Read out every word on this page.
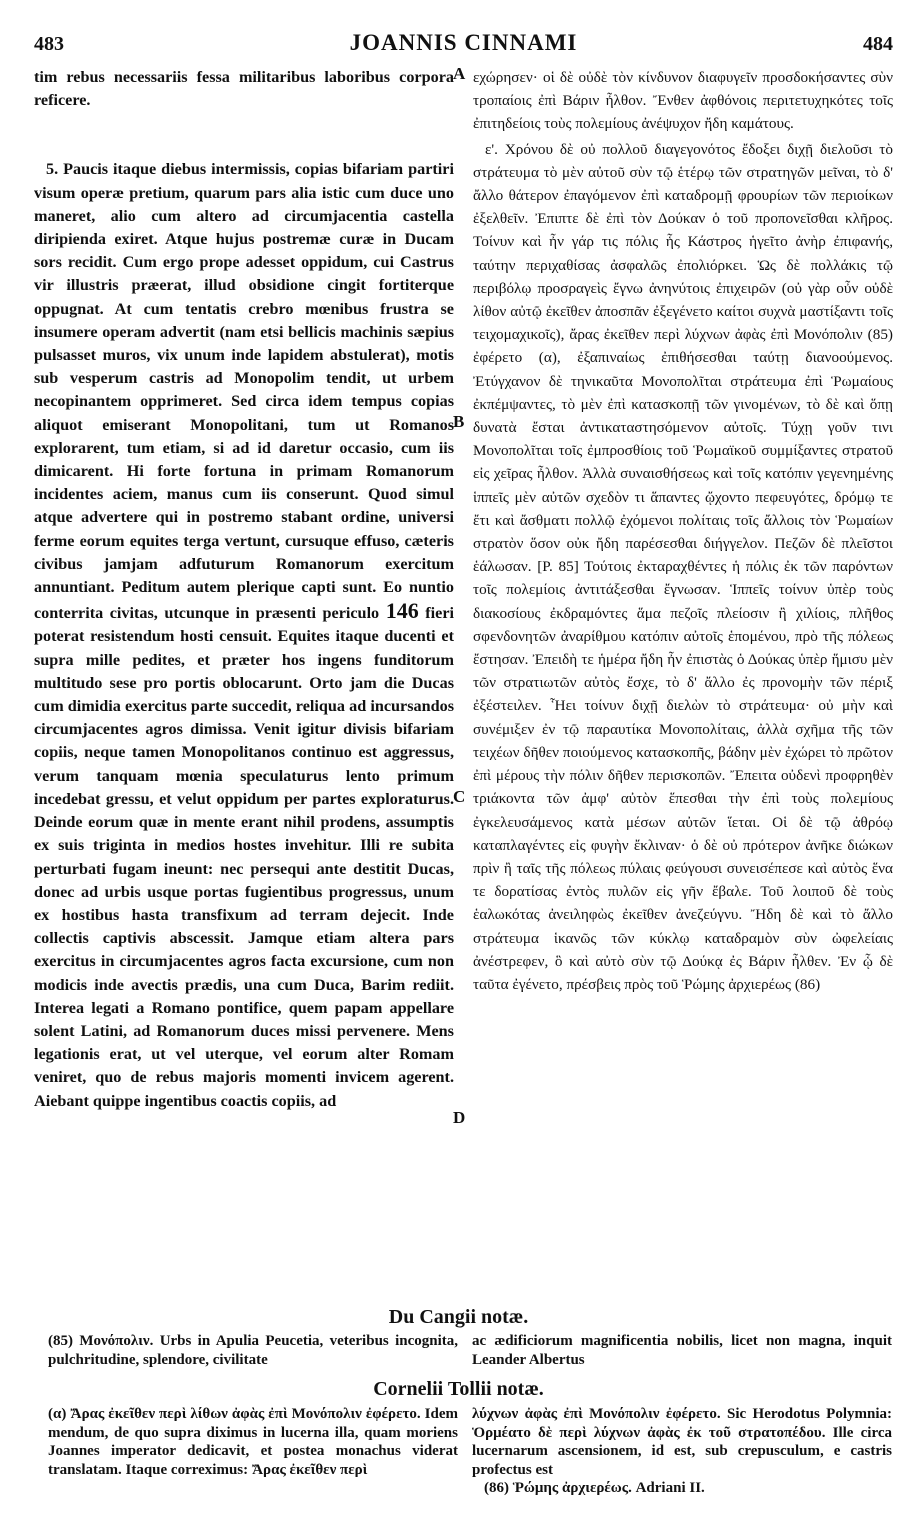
483	JOANNIS CINNAMI	484

tim rebus necessariis fessa militaribus laboribus corpora reficere.

5. Paucis itaque diebus intermissis, copias bifariam partiri visum operæ pretium, quarum pars alia istic cum duce uno maneret, alio cum altero ad circumjacentia castella diripienda exiret. Atque hujus postremæ curæ in Ducam sors recidit. Cum ergo prope adesset oppidum, cui Castrus vir illustris præerat, illud obsidione cingit fortiterque oppugnat. At cum tentatis crebro mœnibus frustra se insumere operam advertit (nam etsi bellicis machinis sæpius pulsasset muros, vix unum inde lapidem abstulerat), motis sub vesperum castris ad Monopolim tendit, ut urbem necopinantem opprimeret. Sed circa idem tempus copias aliquot emiserant Monopolitani, tum ut Romanos explorarent, tum etiam, si ad id daretur occasio, cum iis dimicarent. Hi forte fortuna in primam Romanorum incidentes aciem, manus cum iis conserunt. Quod simul atque advertere qui in postremo stabant ordine, universi ferme eorum equites terga vertunt, cursuque effuso, cæteris civibus jamjam adfuturum Romanorum exercitum annuntiant. Peditum autem plerique capti sunt. Eo nuntio conterrita civitas, utcunque in præsenti periculo 146 fieri poterat resistendum hosti censuit. Equites itaque ducenti et supra mille pedites, et præter hos ingens funditorum multitudo sese pro portis oblocarunt. Orto jam die Ducas cum dimidia exercitus parte succedit, reliqua ad incursandos circumjacentes agros dimissa. Venit igitur divisis bifariam copiis, neque tamen Monopolitanos continuo est aggressus, verum tanquam mœnia speculaturus lento primum incedebat gressu, et velut oppidum per partes exploraturus. Deinde eorum quæ in mente erant nihil prodens, assumptis ex suis triginta in medios hostes invehitur. Illi re subita perturbati fugam ineunt: nec persequi ante destitit Ducas, donec ad urbis usque portas fugientibus progressus, unum ex hostibus hasta transfixum ad terram dejecit. Inde collectis captivis abscessit. Jamque etiam altera pars exercitus in circumjacentes agros facta excursione, cum non modicis inde avectis prædis, una cum Duca, Barim rediit. Interea legati a Romano pontifice, quem papam appellare solent Latini, ad Romanorum duces missi pervenere. Mens legationis erat, ut vel uterque, vel eorum alter Romam veniret, quo de rebus majoris momenti invicem agerent. Aiebant quippe ingentibus coactis copiis, ad

A
B
C
D

εχώρησεν· οἱ δὲ οὐδὲ τὸν κίνδυνον διαφυγεῖν προσδοκήσαντες σὺν τροπαίοις ἐπὶ Βάριν ἦλθον. Ἔνθεν ἀφθόνοις περιτετυχηκότες τοῖς ἐπιτηδείοις τοὺς πολεμίους ἀνέψυχον ἤδη καμάτους.

ε'. Χρόνου δὲ οὐ πολλοῦ διαγεγονότος ἔδοξει διχῇ διελοῦσι τὸ στράτευμα τὸ μὲν αὐτοῦ σὺν τῷ ἑτέρῳ τῶν στρατηγῶν μεῖναι, τὸ δ' ἄλλο θάτερον ἐπαγόμενον ἐπὶ καταδρομῇ φρουρίων τῶν περιοίκων ἐξελθεῖν. Ἐπιπτε δὲ ἐπὶ τὸν Δούκαν ὁ τοῦ προπονεῖσθαι κλῆρος. Τοίνυν καὶ ἦν γάρ τις πόλις ἧς Κάστρος ἡγεῖτο ἀνὴρ ἐπιφανής, ταύτην περιχαθίσας ἀσφαλῶς ἐπολιόρκει. Ὡς δὲ πολλάκις τῷ περιβόλῳ προσραγεὶς ἔγνω ἀνηνύτοις ἐπιχειρῶν (οὐ γὰρ οὖν οὐδὲ λίθον αὐτῷ ἐκεῖθεν ἀποσπᾶν ἐξεγένετο καίτοι συχνὰ μαστίξαντι τοῖς τειχομαχικοῖς), ἄρας ἐκεῖθεν περὶ λύχνων ἀφὰς ἐπὶ Μονόπολιν (85) ἐφέρετο (α), ἐξαπιναίως ἐπιθήσεσθαι ταύτῃ διανοούμενος. Ἐτύγχανον δὲ τηνικαῦτα Μονοπολῖται στράτευμα ἐπὶ Ῥωμαίους ἐκπέμψαντες, τὸ μὲν ἐπὶ κατασκοπῇ τῶν γινομένων, τὸ δὲ καὶ ὅπῃ δυνατὰ ἔσται ἀντικαταστησόμενον αὐτοῖς. Τύχῃ γοῦν τινι Μονοπολῖται τοῖς ἐμπροσθίοις τοῦ Ῥωμαϊκοῦ συμμίξαντες στρατοῦ εἰς χεῖρας ἦλθον. Ἀλλὰ συναισθήσεως καὶ τοῖς κατόπιν γεγενημένης ἱππεῖς μὲν αὐτῶν σχεδὸν τι ἅπαντες ᾤχοντο πεφευγότες, δρόμῳ τε ἔτι καὶ ἄσθματι πολλῷ ἐχόμενοι πολίταις τοῖς ἄλλοις τὸν Ῥωμαίων στρατὸν ὅσον οὐκ ἤδη παρέσεσθαι διήγγελον. Πεζῶν δὲ πλεῖστοι ἑάλωσαν. [P. 85] Τούτοις ἐκταραχθέντες ἡ πόλις ἐκ τῶν παρόντων τοῖς πολεμίοις ἀντιτάξεσθαι ἔγνωσαν. Ἱππεῖς τοίνυν ὑπὲρ τοὺς διακοσίους ἐκδραμόντες ἅμα πεζοῖς πλείοσιν ἢ χιλίοις, πλῆθος σφενδονητῶν ἀναρίθμου κατόπιν αὐτοῖς ἑπομένου, πρὸ τῆς πόλεως ἔστησαν. Ἐπειδὴ τε ἡμέρα ἤδη ἦν ἐπιστὰς ὁ Δούκας ὑπὲρ ἥμισυ μὲν τῶν στρατιωτῶν αὐτὸς ἔσχε, τὸ δ' ἄλλο ἐς προνομὴν τῶν πέριξ ἐξέστειλεν. Ἧει τοίνυν διχῇ διελὼν τὸ στράτευμα· οὐ μὴν καὶ συνέμιξεν ἐν τῷ παραυτίκα Μονοπολίταις, ἀλλὰ σχῆμα τῆς τῶν τειχέων δῆθεν ποιούμενος κατασκοπῆς, βάδην μὲν ἐχώρει τὸ πρῶτον ἐπὶ μέρους τὴν πόλιν δῆθεν περισκοπῶν. Ἔπειτα οὐδενὶ προφρηθὲν τριάκοντα τῶν ἀμφ' αὐτὸν ἕπεσθαι τὴν ἐπὶ τοὺς πολεμίους ἐγκελευσάμενος κατὰ μέσων αὐτῶν ἵεται. Οἱ δὲ τῷ ἀθρόῳ καταπλαγέντες εἰς φυγὴν ἔκλιναν· ὁ δὲ οὐ πρότερον ἀνῆκε διώκων πρὶν ἢ ταῖς τῆς πόλεως πύλαις φεύγουσι συνεισέπεσε καὶ αὐτὸς ἕνα τε δορατίσας ἐντὸς πυλῶν εἰς γῆν ἔβαλε. Τοῦ λοιποῦ δὲ τοὺς ἑαλωκότας ἀνειληφὼς ἐκεῖθεν ἀνεζεύγνυ. Ἤδη δὲ καὶ τὸ ἄλλο στράτευμα ἱκανῶς τῶν κύκλῳ καταδραμὸν σὺν ὠφελείαις ἀνέστρεφεν, ὃ καὶ αὐτὸ σὺν τῷ Δούκᾳ ἐς Βάριν ἦλθεν. Ἐν ᾧ δὲ ταῦτα ἐγένετο, πρέσβεις πρὸς τοῦ Ῥώμης ἀρχιερέως (86)

Du Cangii notæ.

(85) Μονόπολιν. Urbs in Apulia Peucetia, veteribus incognita, pulchritudine, splendore, civilitate

ac ædificiorum magnificentia nobilis, licet non magna, inquit Leander Albertus

Cornelii Tollii notæ.

(α) Ἄρας ἐκεῖθεν περὶ λίθων ἀφὰς ἐπὶ Μονόπολιν ἐφέρετο. Idem mendum, de quo supra diximus in lucerna illa, quam moriens Joannes imperator dedicavit, et postea monachus viderat translatam. Itaque correximus: Ἄρας ἐκεῖθεν περὶ

λύχνων ἀφὰς ἐπὶ Μονόπολιν ἐφέρετο. Sic Herodotus Polymnia: Ὁρμέατο δὲ περὶ λύχνων ἀφὰς ἐκ τοῦ στρατοπέδου. Ille circa lucernarum ascensionem, id est, sub crepusculum, e castris profectus est

(86) Ῥώμης ἀρχιερέως. Adriani II.
